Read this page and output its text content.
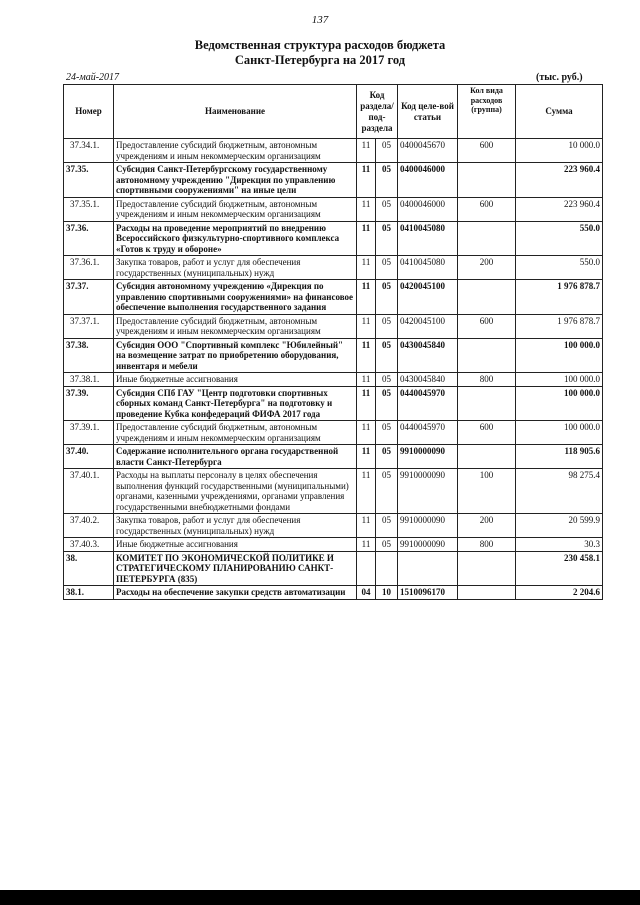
137
Ведомственная структура расходов бюджета
Санкт-Петербурга на 2017 год
24-май-2017	(тыс. руб.)
Номер	Наименование	Код раздела/ под-раздела		Код целе-вой статьи	Кол вида расходов (группа)	Сумма
37.34.1.	Предоставление субсидий бюджетным, автономным учреждениям и иным некоммерческим организациям	11	05	0400045670	600	10 000.0
37.35.	Субсидия Санкт-Петербургскому государственному автономному учреждению "Дирекция по управлению спортивными сооружениями" на иные цели	11	05	0400046000		223 960.4
37.35.1.	Предоставление субсидий бюджетным, автономным учреждениям и иным некоммерческим организациям	11	05	0400046000	600	223 960.4
37.36.	Расходы на проведение мероприятий по внедрению Всероссийского физкультурно-спортивного комплекса «Готов к труду и обороне»	11	05	0410045080		550.0
37.36.1.	Закупка товаров, работ и услуг для обеспечения государственных (муниципальных) нужд	11	05	0410045080	200	550.0
37.37.	Субсидия автономному учреждению «Дирекция по управлению спортивными сооружениями» на финансовое обеспечение выполнения государственного задания	11	05	0420045100		1 976 878.7
37.37.1.	Предоставление субсидий бюджетным, автономным учреждениям и иным некоммерческим организациям	11	05	0420045100	600	1 976 878.7
37.38.	Субсидия ООО "Спортивный комплекс "Юбилейный" на возмещение затрат по приобретению оборудования, инвентаря и мебели	11	05	0430045840		100 000.0
37.38.1.	Иные бюджетные ассигнования	11	05	0430045840	800	100 000.0
37.39.	Субсидия СПб ГАУ "Центр подготовки спортивных сборных команд Санкт-Петербурга" на подготовку и проведение Кубка конфедераций ФИФА 2017 года	11	05	0440045970		100 000.0
37.39.1.	Предоставление субсидий бюджетным, автономным учреждениям и иным некоммерческим организациям	11	05	0440045970	600	100 000.0
37.40.	Содержание исполнительного органа государственной власти Санкт-Петербурга	11	05	9910000090		118 905.6
37.40.1.	Расходы на выплаты персоналу в целях обеспечения выполнения функций государственными (муниципальными) органами, казенными учреждениями, органами управления государственными внебюджетными фондами	11	05	9910000090	100	98 275.4
37.40.2.	Закупка товаров, работ и услуг для обеспечения государственных (муниципальных) нужд	11	05	9910000090	200	20 599.9
37.40.3.	Иные бюджетные ассигнования	11	05	9910000090	800	30.3
38.	КОМИТЕТ ПО ЭКОНОМИЧЕСКОЙ ПОЛИТИКЕ И СТРАТЕГИЧЕСКОМУ ПЛАНИРОВАНИЮ САНКТ-ПЕТЕРБУРГА (835)					230 458.1
38.1.	Расходы на обеспечение закупки средств автоматизации	04	10	1510096170		2 204.6
